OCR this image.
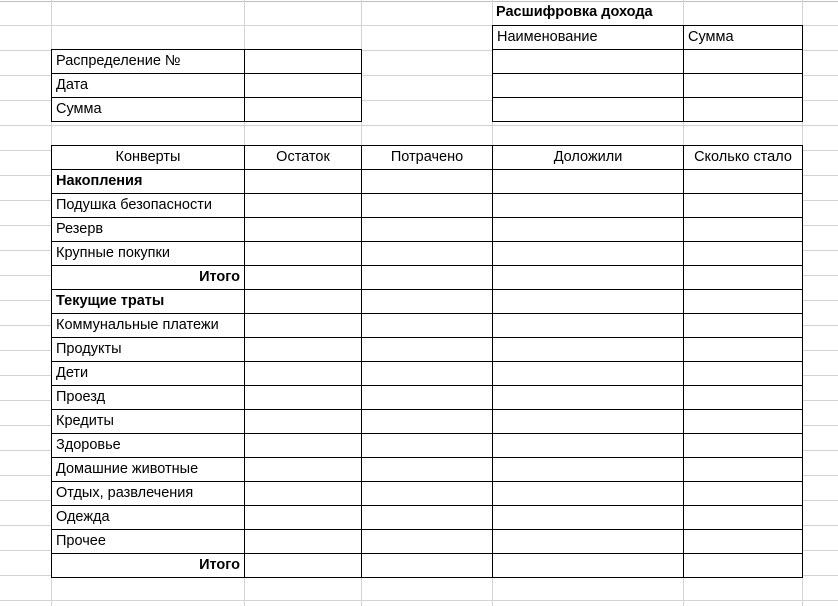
Распределение №
Дата
Сумма
Расшифровка дохода
Наименование	Сумма
Конверты	Остаток	Потрачено	Доложили	Сколько стало
Накопления
Подушка безопасности
Резерв
Крупные покупки
Итого
Текущие траты
Коммунальные платежи
Продукты
Дети
Проезд
Кредиты
Здоровье
Домашние животные
Отдых, развлечения
Одежда
Прочее
Итого
